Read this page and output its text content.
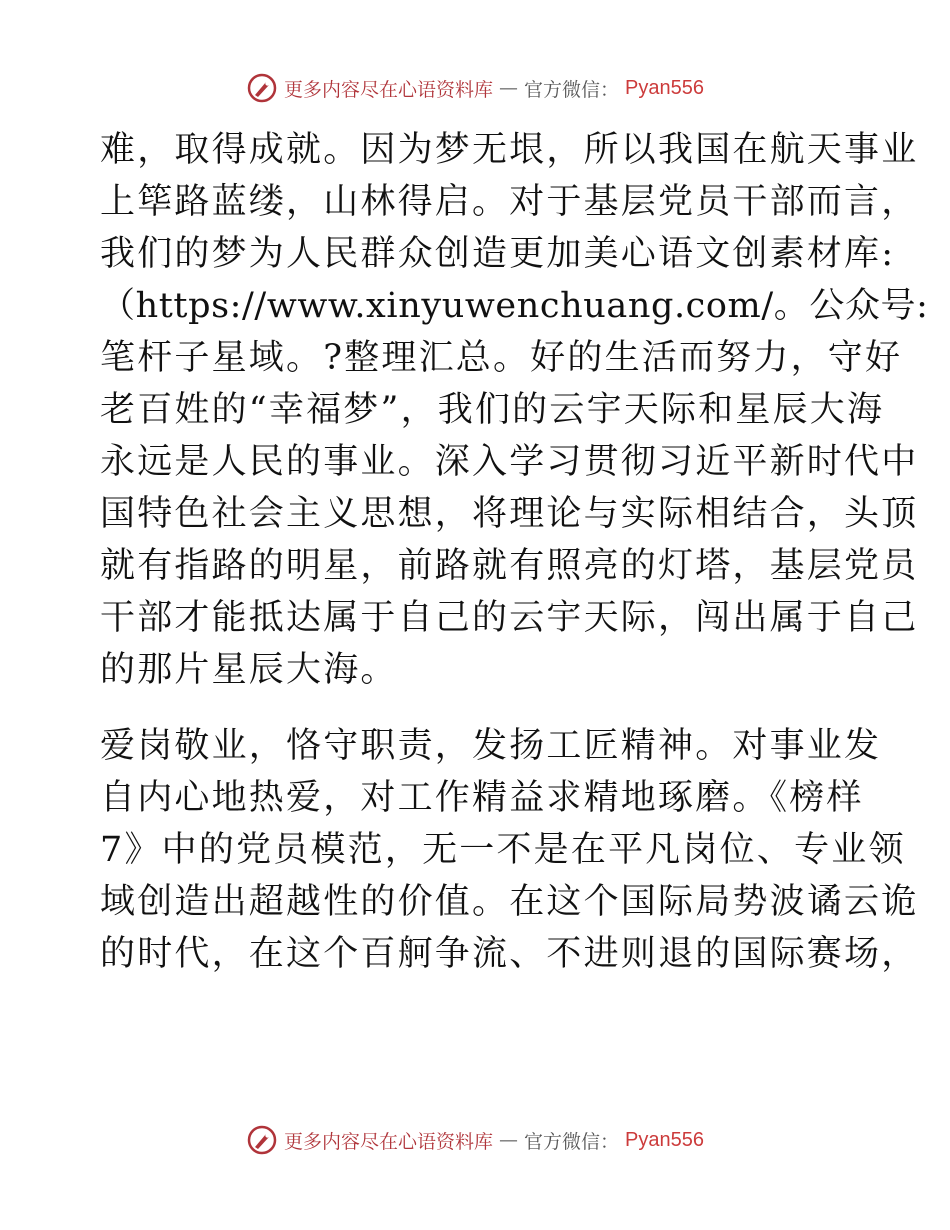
更多内容尽在心语资料库 — 官方微信： Pyan556
难，取得成就。因为梦无垠，所以我国在航天事业
上筚路蓝缕，山林得启。对于基层党员干部而言，
我们的梦为人民群众创造更加美心语文创素材库:
（https://www.xinyuwenchuang.com/。公众号:
笔杆子星域。?整理汇总。好的生活而努力，守好
老百姓的“幸福梦”，我们的云宇天际和星辰大海
永远是人民的事业。深入学习贯彻习近平新时代中
国特色社会主义思想，将理论与实际相结合，头顶
就有指路的明星，前路就有照亮的灯塔，基层党员
干部才能抵达属于自己的云宇天际，闯出属于自己
的那片星辰大海。
爱岗敬业，恪守职责，发扬工匠精神。对事业发
自内心地热爱，对工作精益求精地琢磨。《榜样
7》中的党员模范，无一不是在平凡岗位、专业领
域创造出超越性的价值。在这个国际局势波谲云诡
的时代，在这个百舸争流、不进则退的国际赛场，
更多内容尽在心语资料库 — 官方微信： Pyan556
